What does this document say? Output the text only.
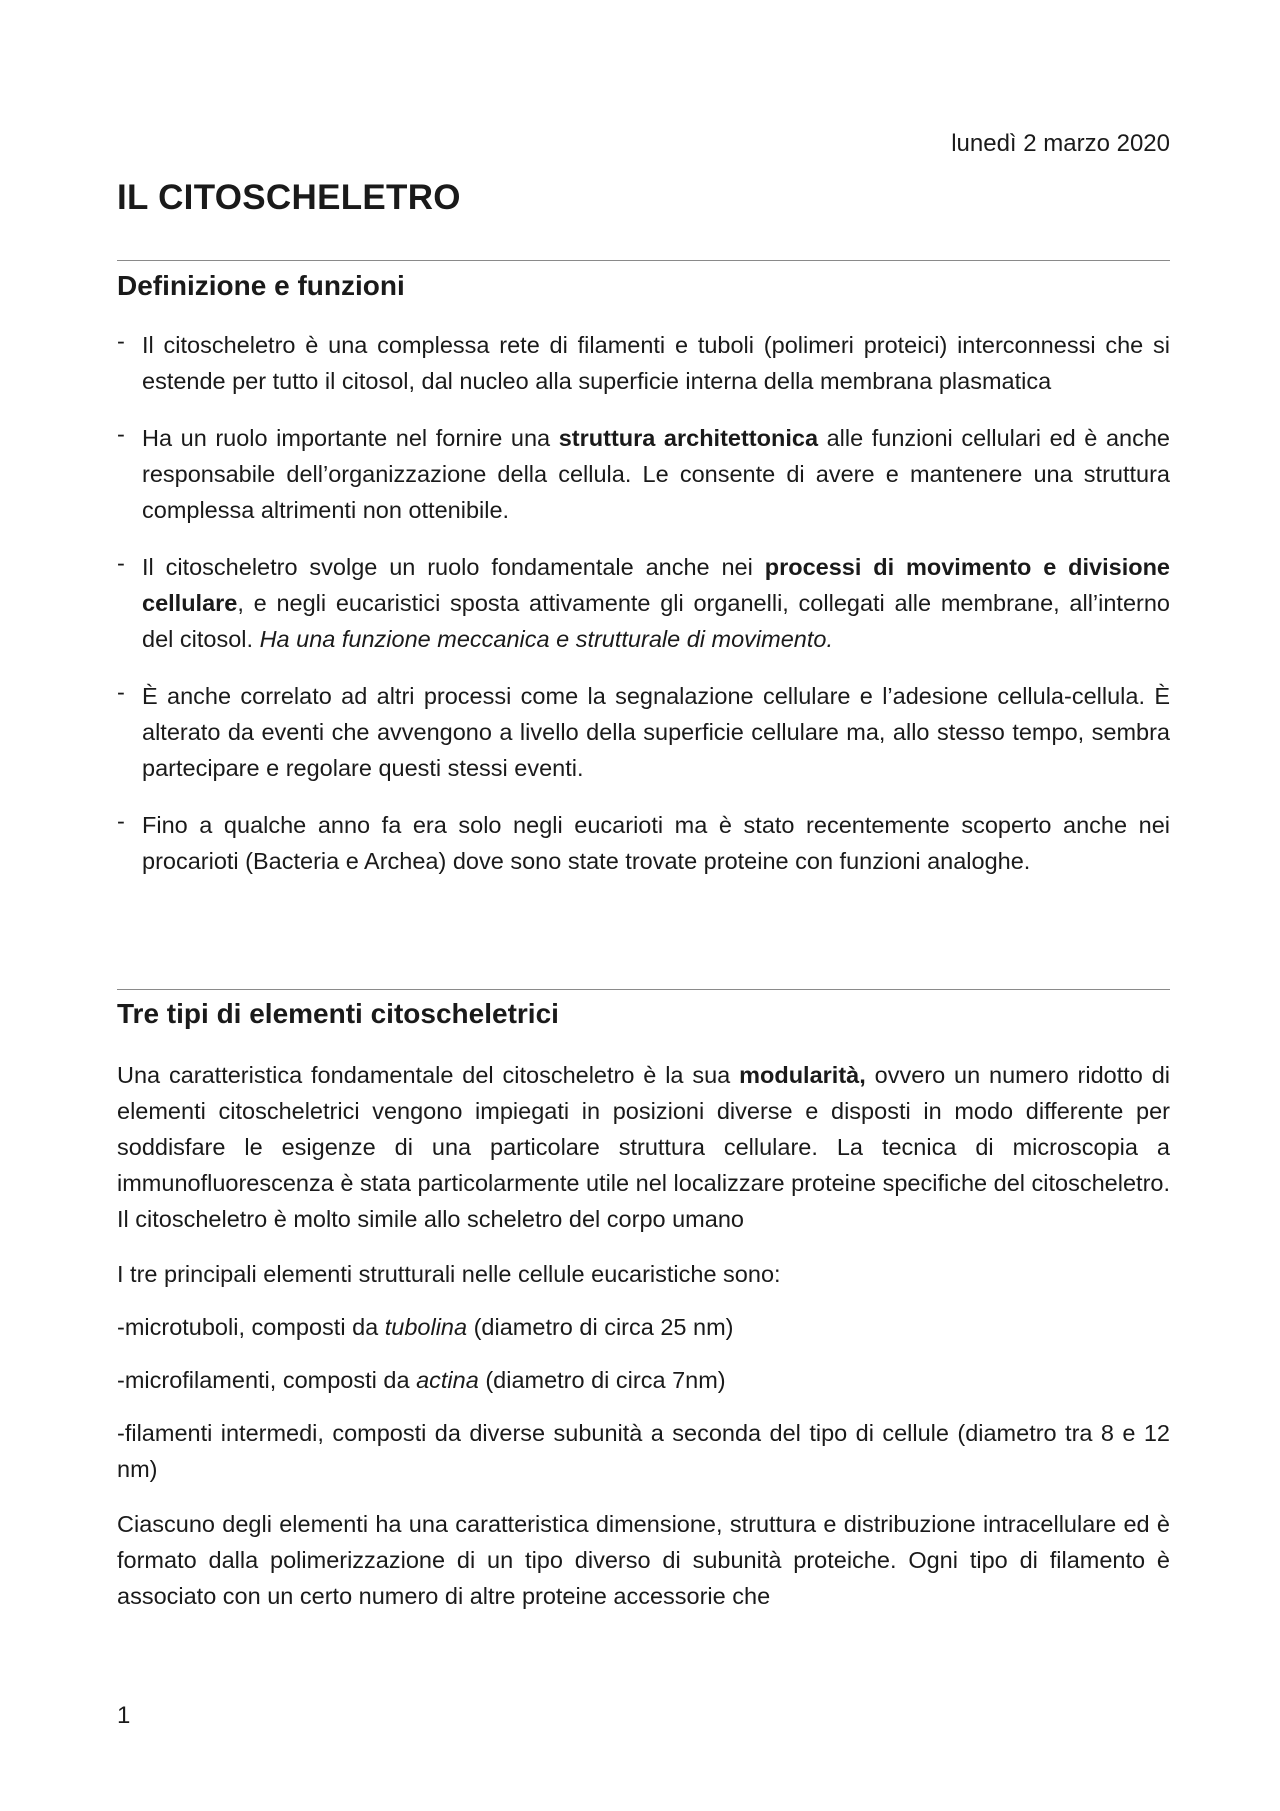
lunedì 2 marzo 2020
IL CITOSCHELETRO
Definizione e funzioni
- Il citoscheletro è una complessa rete di filamenti e tuboli (polimeri proteici) interconnessi che si estende per tutto il citosol, dal nucleo alla superficie interna della membrana plasmatica
- Ha un ruolo importante nel fornire una struttura architettonica alle funzioni cellulari ed è anche responsabile dell’organizzazione della cellula. Le consente di avere e mantenere una struttura complessa altrimenti non ottenibile.
- Il citoscheletro svolge un ruolo fondamentale anche nei processi di movimento e divisione cellulare, e negli eucaristici sposta attivamente gli organelli, collegati alle membrane, all’interno del citosol. Ha una funzione meccanica e strutturale di movimento.
- È anche correlato ad altri processi come la segnalazione cellulare e l’adesione cellula-cellula. È alterato da eventi che avvengono a livello della superficie cellulare ma, allo stesso tempo, sembra partecipare e regolare questi stessi eventi.
- Fino a qualche anno fa era solo negli eucarioti ma è stato recentemente scoperto anche nei procarioti (Bacteria e Archea) dove sono state trovate proteine con funzioni analoghe.
Tre tipi di elementi citoscheletrici

Una caratteristica fondamentale del citoscheletro è la sua modularità, ovvero un numero ridotto di elementi citoscheletrici vengono impiegati in posizioni diverse e disposti in modo differente per soddisfare le esigenze di una particolare struttura cellulare. La tecnica di microscopia a immunofluorescenza è stata particolarmente utile nel localizzare proteine specifiche del citoscheletro. Il citoscheletro è molto simile allo scheletro del corpo umano

I tre principali elementi strutturali nelle cellule eucaristiche sono:

-microtuboli, composti da tubolina (diametro di circa 25 nm)

-microfilamenti, composti da actina (diametro di circa 7nm)

-filamenti intermedi, composti da diverse subunità a seconda del tipo di cellule (diametro tra 8 e 12 nm)

Ciascuno degli elementi ha una caratteristica dimensione, struttura e distribuzione intracellulare ed è formato dalla polimerizzazione di un tipo diverso di subunità proteiche. Ogni tipo di filamento è associato con un certo numero di altre proteine accessorie che

1
